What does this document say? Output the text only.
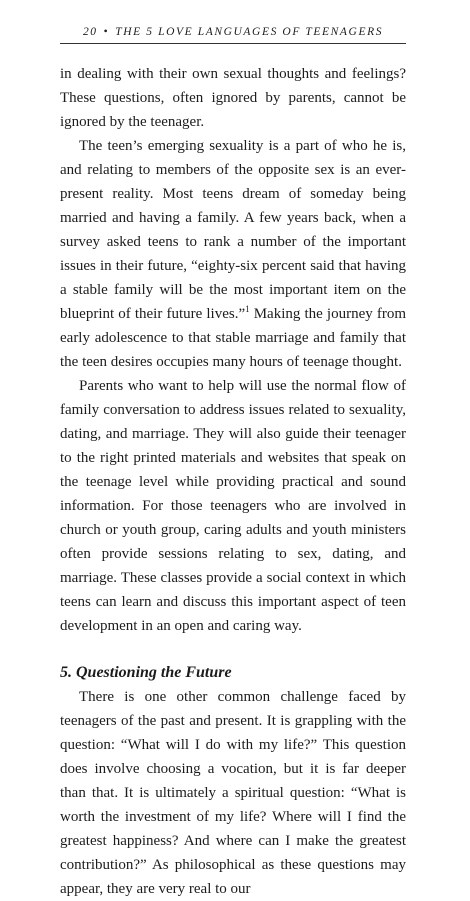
20 • THE 5 LOVE LANGUAGES OF TEENAGERS

in dealing with their own sexual thoughts and feelings? These questions, often ignored by parents, cannot be ignored by the teenager.

The teen’s emerging sexuality is a part of who he is, and relating to members of the opposite sex is an ever-present reality. Most teens dream of someday being married and having a family. A few years back, when a survey asked teens to rank a number of the important issues in their future, “eighty-six percent said that having a stable family will be the most important item on the blueprint of their future lives.”$^1$ Making the journey from early adolescence to that stable marriage and family that the teen desires occupies many hours of teenage thought.

Parents who want to help will use the normal flow of family conversation to address issues related to sexuality, dating, and marriage. They will also guide their teenager to the right printed materials and websites that speak on the teenage level while providing practical and sound information. For those teenagers who are involved in church or youth group, caring adults and youth ministers often provide sessions relating to sex, dating, and marriage. These classes provide a social context in which teens can learn and discuss this important aspect of teen development in an open and caring way.

5. Questioning the Future

There is one other common challenge faced by teenagers of the past and present. It is grappling with the question: “What will I do with my life?” This question does involve choosing a vocation, but it is far deeper than that. It is ultimately a spiritual question: “What is worth the investment of my life? Where will I find the greatest happiness? And where can I make the greatest contribution?” As philosophical as these questions may appear, they are very real to our
